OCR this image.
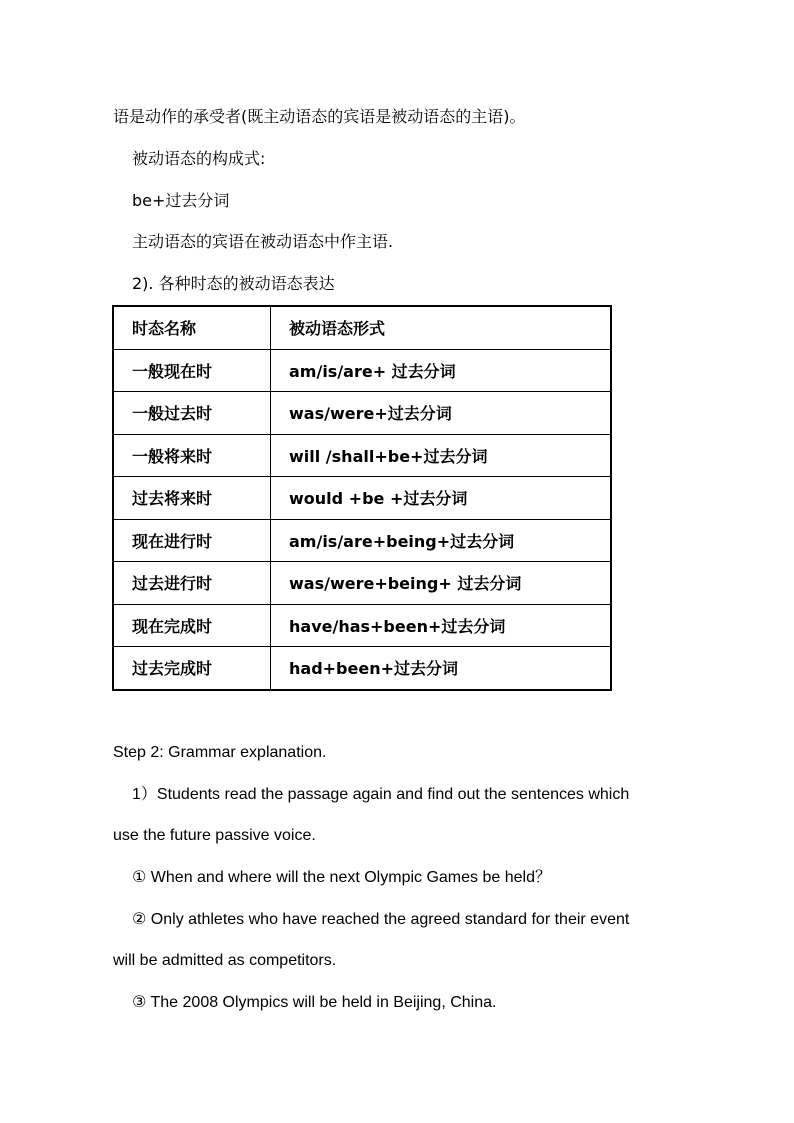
语是动作的承受者(既主动语态的宾语是被动语态的主语)。
被动语态的构成式:
be+过去分词
主动语态的宾语在被动语态中作主语.
2). 各种时态的被动语态表达
时态名称	被动语态形式
一般现在时	am/is/are+ 过去分词
一般过去时	was/were+过去分词
一般将来时	will /shall+be+过去分词
过去将来时	would +be +过去分词
现在进行时	am/is/are+being+过去分词
过去进行时	was/were+being+ 过去分词
现在完成时	have/has+been+过去分词
过去完成时	had+been+过去分词
Step 2: Grammar explanation.
1）Students read the passage again and find out the sentences which
use the future passive voice.
① When and where will the next Olympic Games be held？
② Only athletes who have reached the agreed standard for their event
will be admitted as competitors.
③ The 2008 Olympics will be held in Beijing, China.
